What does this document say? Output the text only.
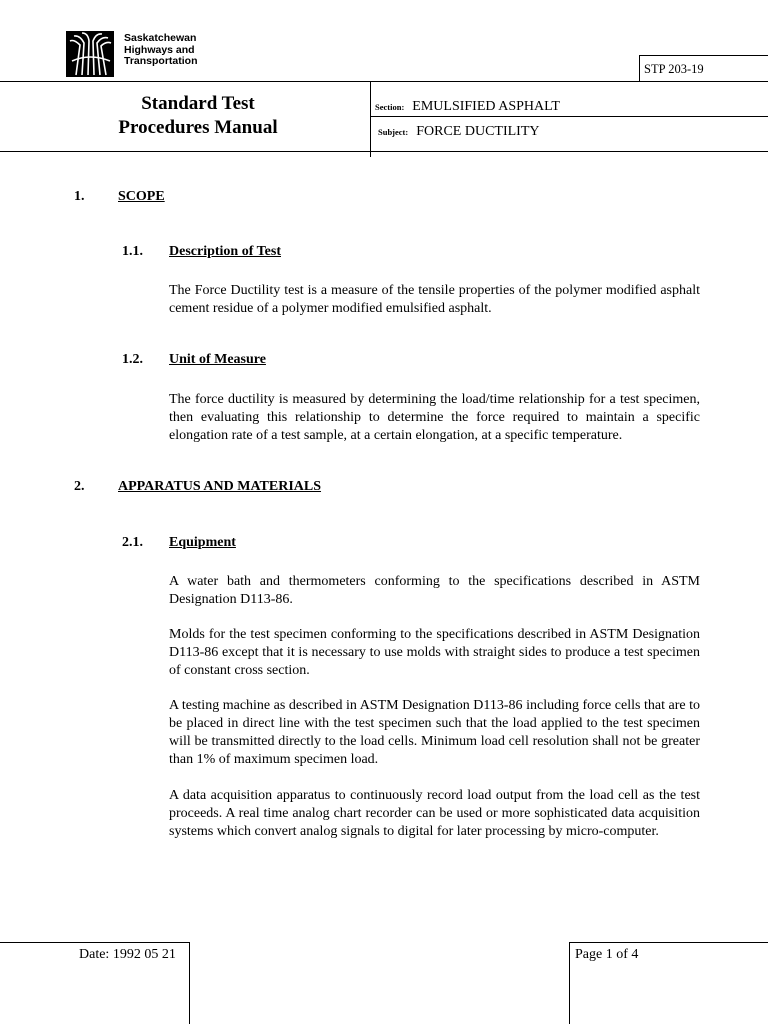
Saskatchewan
Highways and
Transportation
STP 203-19
Standard Test
Procedures Manual
Section: EMULSIFIED ASPHALT
Subject: FORCE DUCTILITY
1. SCOPE
1.1. Description of Test
The Force Ductility test is a measure of the tensile properties of the polymer modified asphalt cement residue of a polymer modified emulsified asphalt.
1.2. Unit of Measure
The force ductility is measured by determining the load/time relationship for a test specimen, then evaluating this relationship to determine the force required to maintain a specific elongation rate of a test sample, at a certain elongation, at a specific temperature.
2. APPARATUS AND MATERIALS
2.1. Equipment
A water bath and thermometers conforming to the specifications described in ASTM Designation D113-86.
Molds for the test specimen conforming to the specifications described in ASTM Designation D113-86 except that it is necessary to use molds with straight sides to produce a test specimen of constant cross section.
A testing machine as described in ASTM Designation D113-86 including force cells that are to be placed in direct line with the test specimen such that the load applied to the test specimen will be transmitted directly to the load cells. Minimum load cell resolution shall not be greater than 1% of maximum specimen load.
A data acquisition apparatus to continuously record load output from the load cell as the test proceeds. A real time analog chart recorder can be used or more sophisticated data acquisition systems which convert analog signals to digital for later processing by micro-computer.
Date: 1992 05 21	Page 1 of 4
